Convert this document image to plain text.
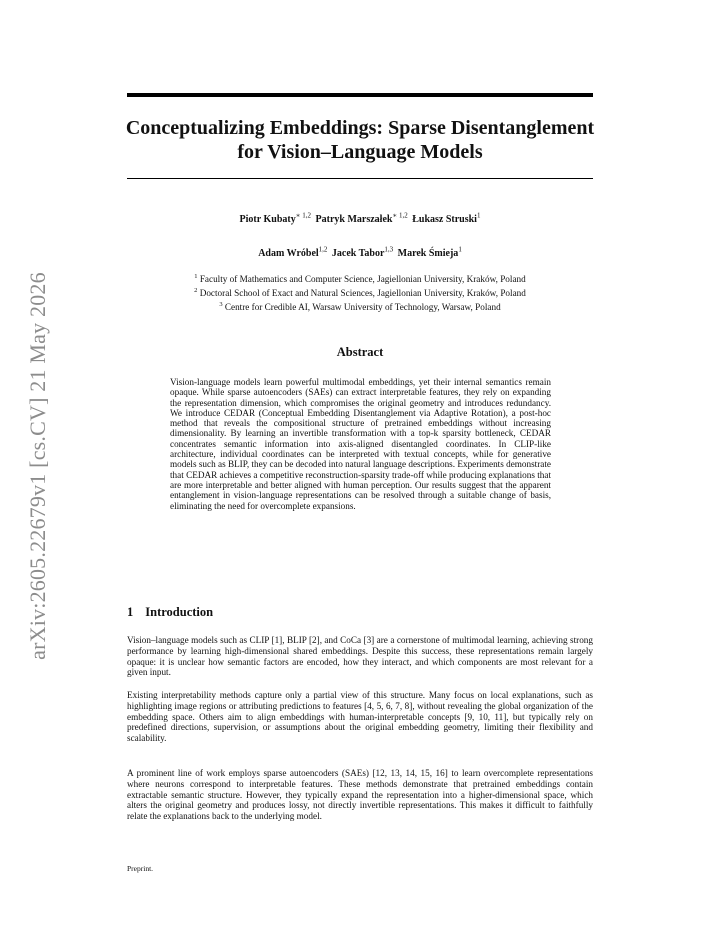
arXiv:2605.22679v1 [cs.CV] 21 May 2026
Conceptualizing Embeddings: Sparse Disentanglement
for Vision–Language Models
Piotr Kubaty$^{∗ 1,2}$ Patryk Marszałek$^{∗ 1,2}$ Łukasz Struski$^1$
Adam Wróbel$^{1,2}$ Jacek Tabor$^{1,3}$ Marek Śmieja$^1$
$^1$ Faculty of Mathematics and Computer Science, Jagiellonian University, Kraków, Poland
$^2$ Doctoral School of Exact and Natural Sciences, Jagiellonian University, Kraków, Poland
$^3$ Centre for Credible AI, Warsaw University of Technology, Warsaw, Poland
Abstract
Vision-language models learn powerful multimodal embeddings, yet their internal semantics remain opaque. While sparse autoencoders (SAEs) can extract interpretable features, they rely on expanding the representation dimension, which compromises the original geometry and introduces redundancy. We introduce CEDAR (Conceptual Embedding Disentanglement via Adaptive Rotation), a post-hoc method that reveals the compositional structure of pretrained embeddings without increasing dimensionality. By learning an invertible transformation with a top-k sparsity bottleneck, CEDAR concentrates semantic information into axis-aligned disentangled coordinates. In CLIP-like architecture, individual coordinates can be interpreted with textual concepts, while for generative models such as BLIP, they can be decoded into natural language descriptions. Experiments demonstrate that CEDAR achieves a competitive reconstruction-sparsity trade-off while producing explanations that are more interpretable and better aligned with human perception. Our results suggest that the apparent entanglement in vision-language representations can be resolved through a suitable change of basis, eliminating the need for overcomplete expansions.
1 Introduction
Vision–language models such as CLIP [1], BLIP [2], and CoCa [3] are a cornerstone of multimodal learning, achieving strong performance by learning high-dimensional shared embeddings. Despite this success, these representations remain largely opaque: it is unclear how semantic factors are encoded, how they interact, and which components are most relevant for a given input.
Existing interpretability methods capture only a partial view of this structure. Many focus on local explanations, such as highlighting image regions or attributing predictions to features [4, 5, 6, 7, 8], without revealing the global organization of the embedding space. Others aim to align embeddings with human-interpretable concepts [9, 10, 11], but typically rely on predefined directions, supervision, or assumptions about the original embedding geometry, limiting their flexibility and scalability.
A prominent line of work employs sparse autoencoders (SAEs) [12, 13, 14, 15, 16] to learn overcomplete representations where neurons correspond to interpretable features. These methods demonstrate that pretrained embeddings contain extractable semantic structure. However, they typically expand the representation into a higher-dimensional space, which alters the original geometry and produces lossy, not directly invertible representations. This makes it difficult to faithfully relate the explanations back to the underlying model.
Preprint.
